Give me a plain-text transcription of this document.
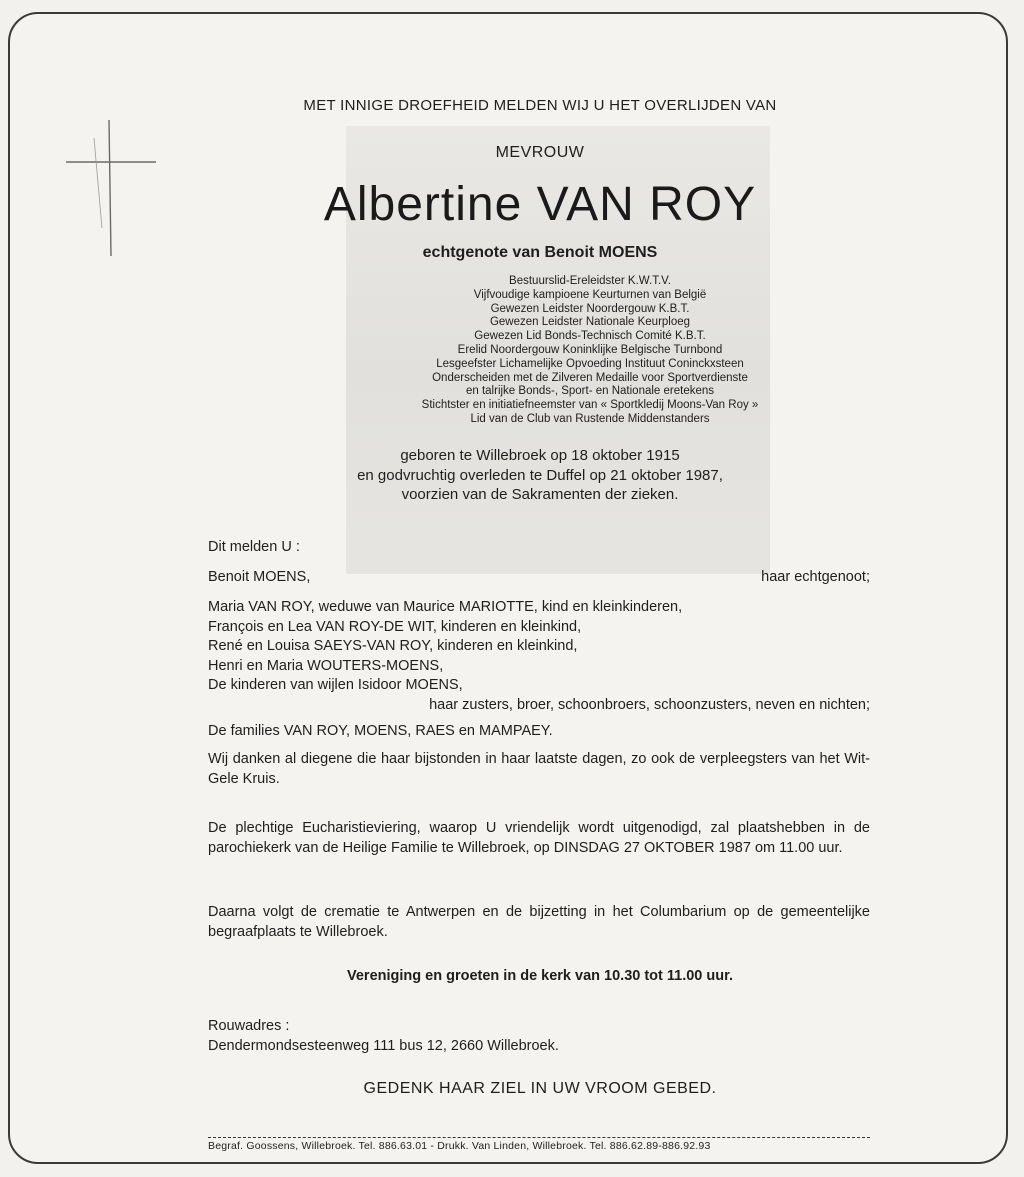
MET INNIGE DROEFHEID MELDEN WIJ U HET OVERLIJDEN VAN
MEVROUW
Albertine VAN ROY
echtgenote van Benoit MOENS
Bestuurslid-Ereleidster K.W.T.V.
Vijfvoudige kampioene Keurturnen van België
Gewezen Leidster Noordergouw K.B.T.
Gewezen Leidster Nationale Keurploeg
Gewezen Lid Bonds-Technisch Comité K.B.T.
Erelid Noordergouw Koninklijke Belgische Turnbond
Lesgeefster Lichamelijke Opvoeding Instituut Coninckxsteen
Onderscheiden met de Zilveren Medaille voor Sportverdienste
en talrijke Bonds-, Sport- en Nationale eretekens
Stichtster en initiatiefneemster van « Sportkledij Moons-Van Roy »
Lid van de Club van Rustende Middenstanders
geboren te Willebroek op 18 oktober 1915
en godvruchtig overleden te Duffel op 21 oktober 1987,
voorzien van de Sakramenten der zieken.
Dit melden U :
Benoit MOENS,	haar echtgenoot;
Maria VAN ROY, weduwe van Maurice MARIOTTE, kind en kleinkinderen,
François en Lea VAN ROY-DE WIT, kinderen en kleinkind,
René en Louisa SAEYS-VAN ROY, kinderen en kleinkind,
Henri en Maria WOUTERS-MOENS,
De kinderen van wijlen Isidoor MOENS,
haar zusters, broer, schoonbroers, schoonzusters, neven en nichten;
De families VAN ROY, MOENS, RAES en MAMPAEY.
Wij danken al diegene die haar bijstonden in haar laatste dagen, zo ook de verpleegsters van het Wit-Gele Kruis.
De plechtige Eucharistieviering, waarop U vriendelijk wordt uitgenodigd, zal plaatshebben in de parochiekerk van de Heilige Familie te Willebroek, op DINSDAG 27 OKTOBER 1987 om 11.00 uur.
Daarna volgt de crematie te Antwerpen en de bijzetting in het Columbarium op de gemeentelijke begraafplaats te Willebroek.
Vereniging en groeten in de kerk van 10.30 tot 11.00 uur.
Rouwadres :
Dendermondsesteenweg 111 bus 12, 2660 Willebroek.
GEDENK HAAR ZIEL IN UW VROOM GEBED.
Begraf. Goossens, Willebroek. Tel. 886.63.01 - Drukk. Van Linden, Willebroek. Tel. 886.62.89-886.92.93
